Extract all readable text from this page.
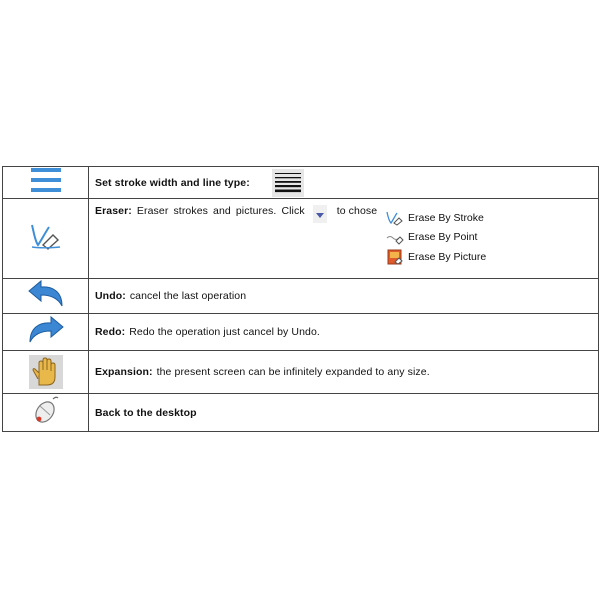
Set stroke width and line type:
Eraser: Eraser strokes and pictures. Click	to chose
Undo: cancel the last operation
Redo: Redo the operation just cancel by Undo.
Expansion: the present screen can be infinitely expanded to any size.
Back to the desktop
Erase By Stroke
Erase By Point
Erase By Picture
